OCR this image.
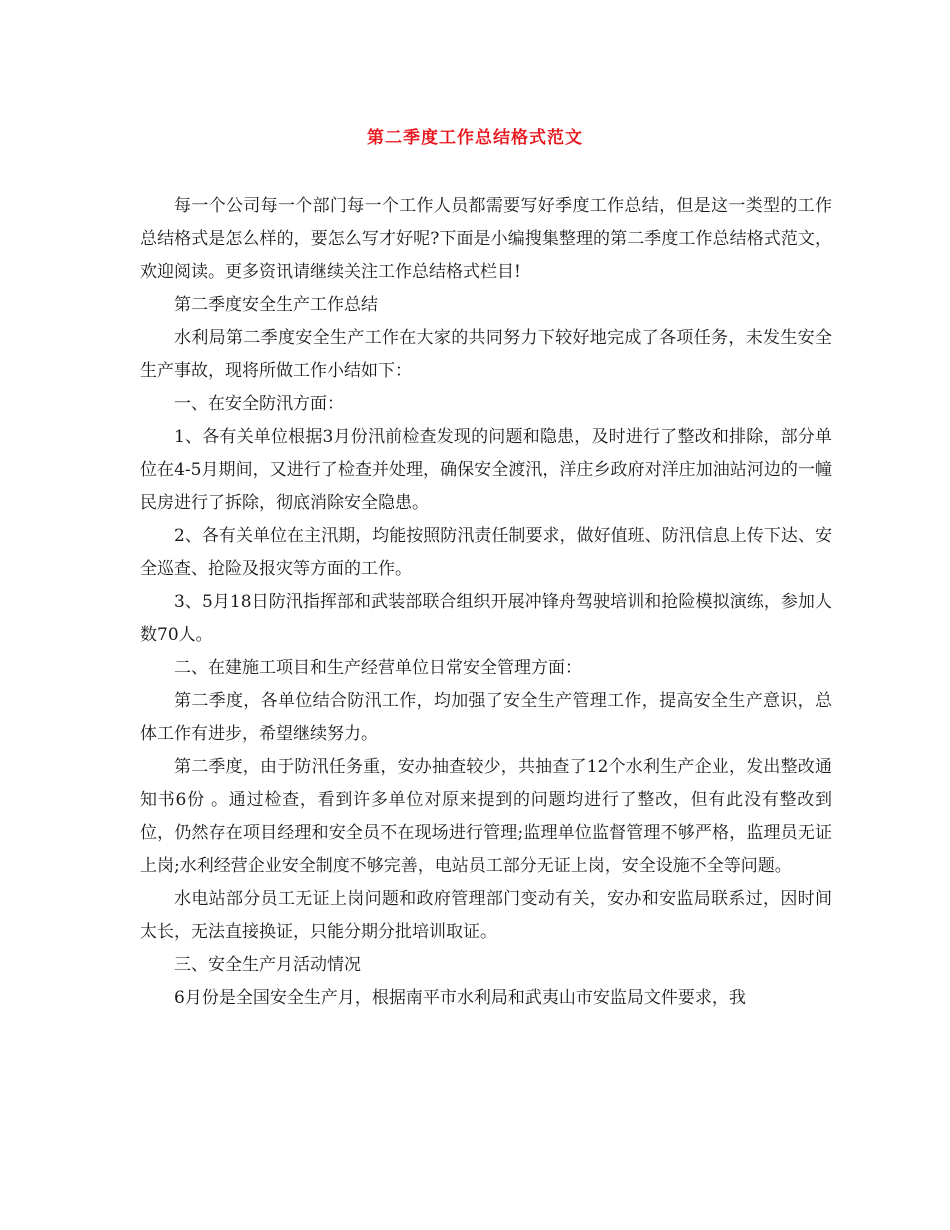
第二季度工作总结格式范文

每一个公司每一个部门每一个工作人员都需要写好季度工作总结，但是这一类型的工作总结格式是怎么样的，要怎么写才好呢?下面是小编搜集整理的第二季度工作总结格式范文，欢迎阅读。更多资讯请继续关注工作总结格式栏目!

第二季度安全生产工作总结

水利局第二季度安全生产工作在大家的共同努力下较好地完成了各项任务，未发生安全生产事故，现将所做工作小结如下：

一、在安全防汛方面：

1、各有关单位根据3月份汛前检查发现的问题和隐患，及时进行了整改和排除，部分单位在4-5月期间，又进行了检查并处理，确保安全渡汛，洋庄乡政府对洋庄加油站河边的一幢民房进行了拆除，彻底消除安全隐患。

2、各有关单位在主汛期，均能按照防汛责任制要求，做好值班、防汛信息上传下达、安全巡查、抢险及报灾等方面的工作。

3、5月18日防汛指挥部和武装部联合组织开展冲锋舟驾驶培训和抢险模拟演练，参加人数70人。

二、在建施工项目和生产经营单位日常安全管理方面：

第二季度，各单位结合防汛工作，均加强了安全生产管理工作，提高安全生产意识，总体工作有进步，希望继续努力。

第二季度，由于防汛任务重，安办抽查较少，共抽查了12个水利生产企业，发出整改通知书6份 。通过检查，看到许多单位对原来提到的问题均进行了整改，但有此没有整改到位，仍然存在项目经理和安全员不在现场进行管理;监理单位监督管理不够严格，监理员无证上岗;水利经营企业安全制度不够完善，电站员工部分无证上岗，安全设施不全等问题。

水电站部分员工无证上岗问题和政府管理部门变动有关，安办和安监局联系过，因时间太长，无法直接换证，只能分期分批培训取证。

三、安全生产月活动情况

6月份是全国安全生产月，根据南平市水利局和武夷山市安监局文件要求，我
